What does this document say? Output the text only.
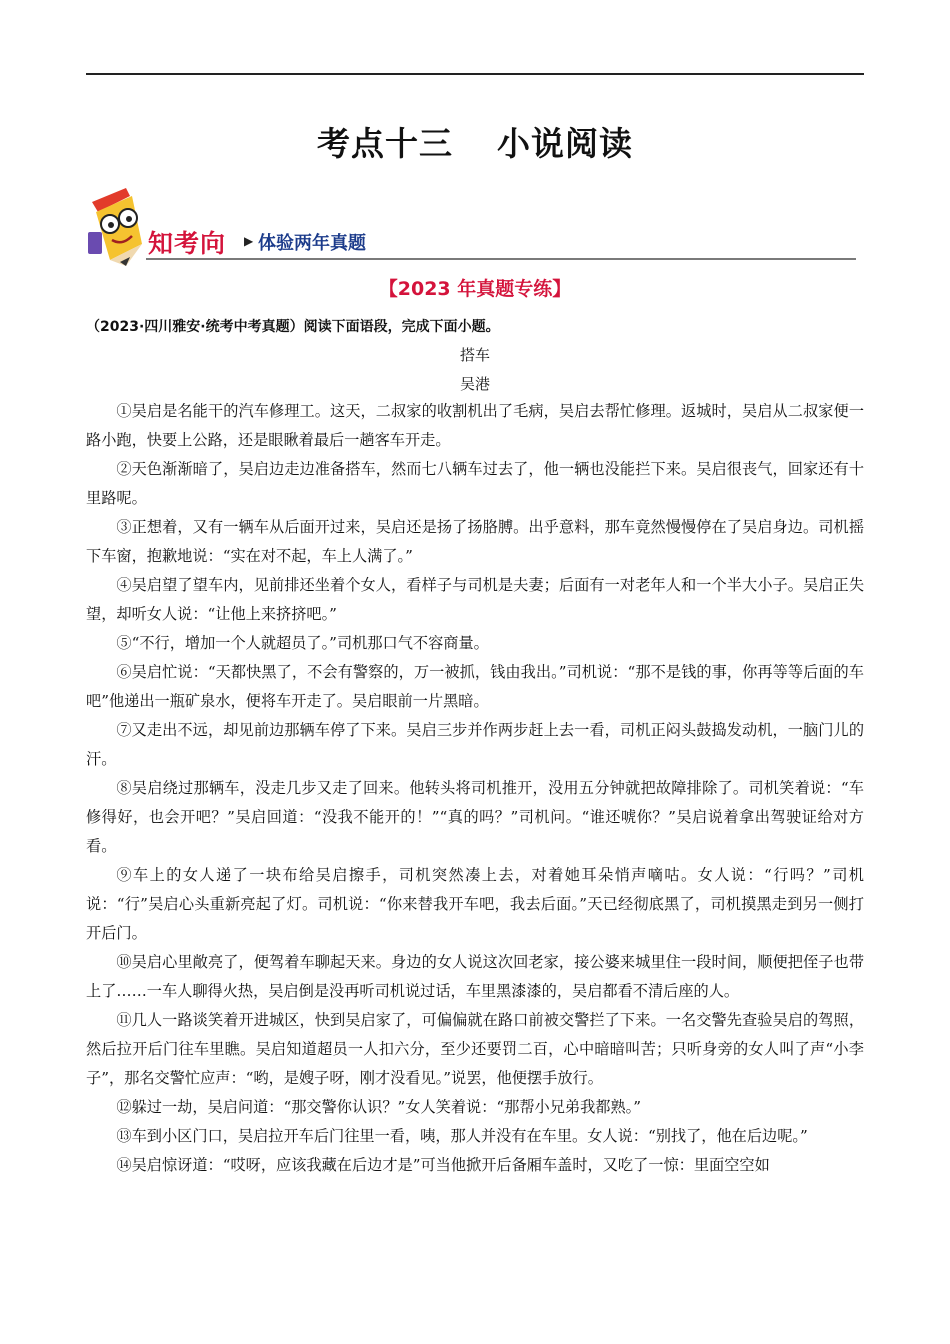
考点十三 小说阅读
知考向 ▶ 体验两年真题
【2023 年真题专练】
（2023·四川雅安·统考中考真题）阅读下面语段，完成下面小题。
搭车
吴港

①吴启是名能干的汽车修理工。这天，二叔家的收割机出了毛病，吴启去帮忙修理。返城时，吴启从二叔家便一路小跑，快要上公路，还是眼瞅着最后一趟客车开走。

②天色渐渐暗了，吴启边走边准备搭车，然而七八辆车过去了，他一辆也没能拦下来。吴启很丧气，回家还有十里路呢。

③正想着，又有一辆车从后面开过来，吴启还是扬了扬胳膊。出乎意料，那车竟然慢慢停在了吴启身边。司机摇下车窗，抱歉地说：“实在对不起，车上人满了。”

④吴启望了望车内，见前排还坐着个女人，看样子与司机是夫妻；后面有一对老年人和一个半大小子。吴启正失望，却听女人说：“让他上来挤挤吧。”

⑤“不行，增加一个人就超员了。”司机那口气不容商量。

⑥吴启忙说：“天都快黑了，不会有警察的，万一被抓，钱由我出。”司机说：“那不是钱的事，你再等等后面的车吧”他递出一瓶矿泉水，便将车开走了。吴启眼前一片黑暗。

⑦又走出不远，却见前边那辆车停了下来。吴启三步并作两步赶上去一看，司机正闷头鼓捣发动机，一脑门儿的汗。

⑧吴启绕过那辆车，没走几步又走了回来。他转头将司机推开，没用五分钟就把故障排除了。司机笑着说：“车修得好，也会开吧？”吴启回道：“没我不能开的！”“真的吗？”司机问。“谁还唬你？”吴启说着拿出驾驶证给对方看。

⑨车上的女人递了一块布给吴启擦手，司机突然凑上去，对着她耳朵悄声嘀咕。女人说：“行吗？”司机说：“行”吴启心头重新亮起了灯。司机说：“你来替我开车吧，我去后面。”天已经彻底黑了，司机摸黑走到另一侧打开后门。

⑩吴启心里敞亮了，便驾着车聊起天来。身边的女人说这次回老家，接公婆来城里住一段时间，顺便把侄子也带上了……一车人聊得火热，吴启倒是没再听司机说过话，车里黑漆漆的，吴启都看不清后座的人。

⑪几人一路谈笑着开进城区，快到吴启家了，可偏偏就在路口前被交警拦了下来。一名交警先查验吴启的驾照，然后拉开后门往车里瞧。吴启知道超员一人扣六分，至少还要罚二百，心中暗暗叫苦；只听身旁的女人叫了声“小李子”，那名交警忙应声：“哟，是嫂子呀，刚才没看见。”说罢，他便摆手放行。

⑫躲过一劫，吴启问道：“那交警你认识？”女人笑着说：“那帮小兄弟我都熟。”

⑬车到小区门口，吴启拉开车后门往里一看，咦，那人并没有在车里。女人说：“别找了，他在后边呢。”

⑭吴启惊讶道：“哎呀，应该我藏在后边才是”可当他掀开后备厢车盖时，又吃了一惊：里面空空如
